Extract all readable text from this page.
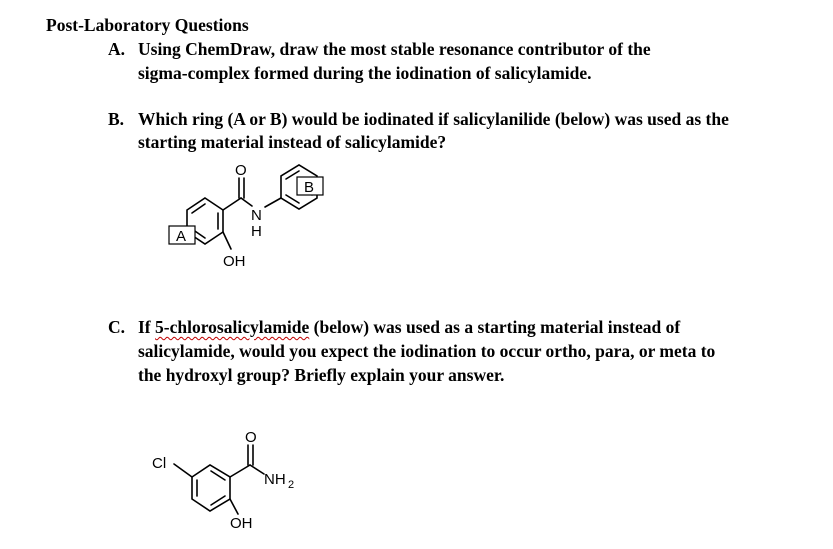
Post-Laboratory Questions
A. Using ChemDraw, draw the most stable resonance contributor of the
sigma-complex formed during the iodination of salicylamide.
B. Which ring (A or B) would be iodinated if salicylanilide (below) was used as the
starting material instead of salicylamide?
A
O
N
H
B
OH
C. If 5-chlorosalicylamide (below) was used as a starting material instead of
salicylamide, would you expect the iodination to occur ortho, para, or meta to
the hydroxyl group? Briefly explain your answer.
Cl
O
NH 2
OH
